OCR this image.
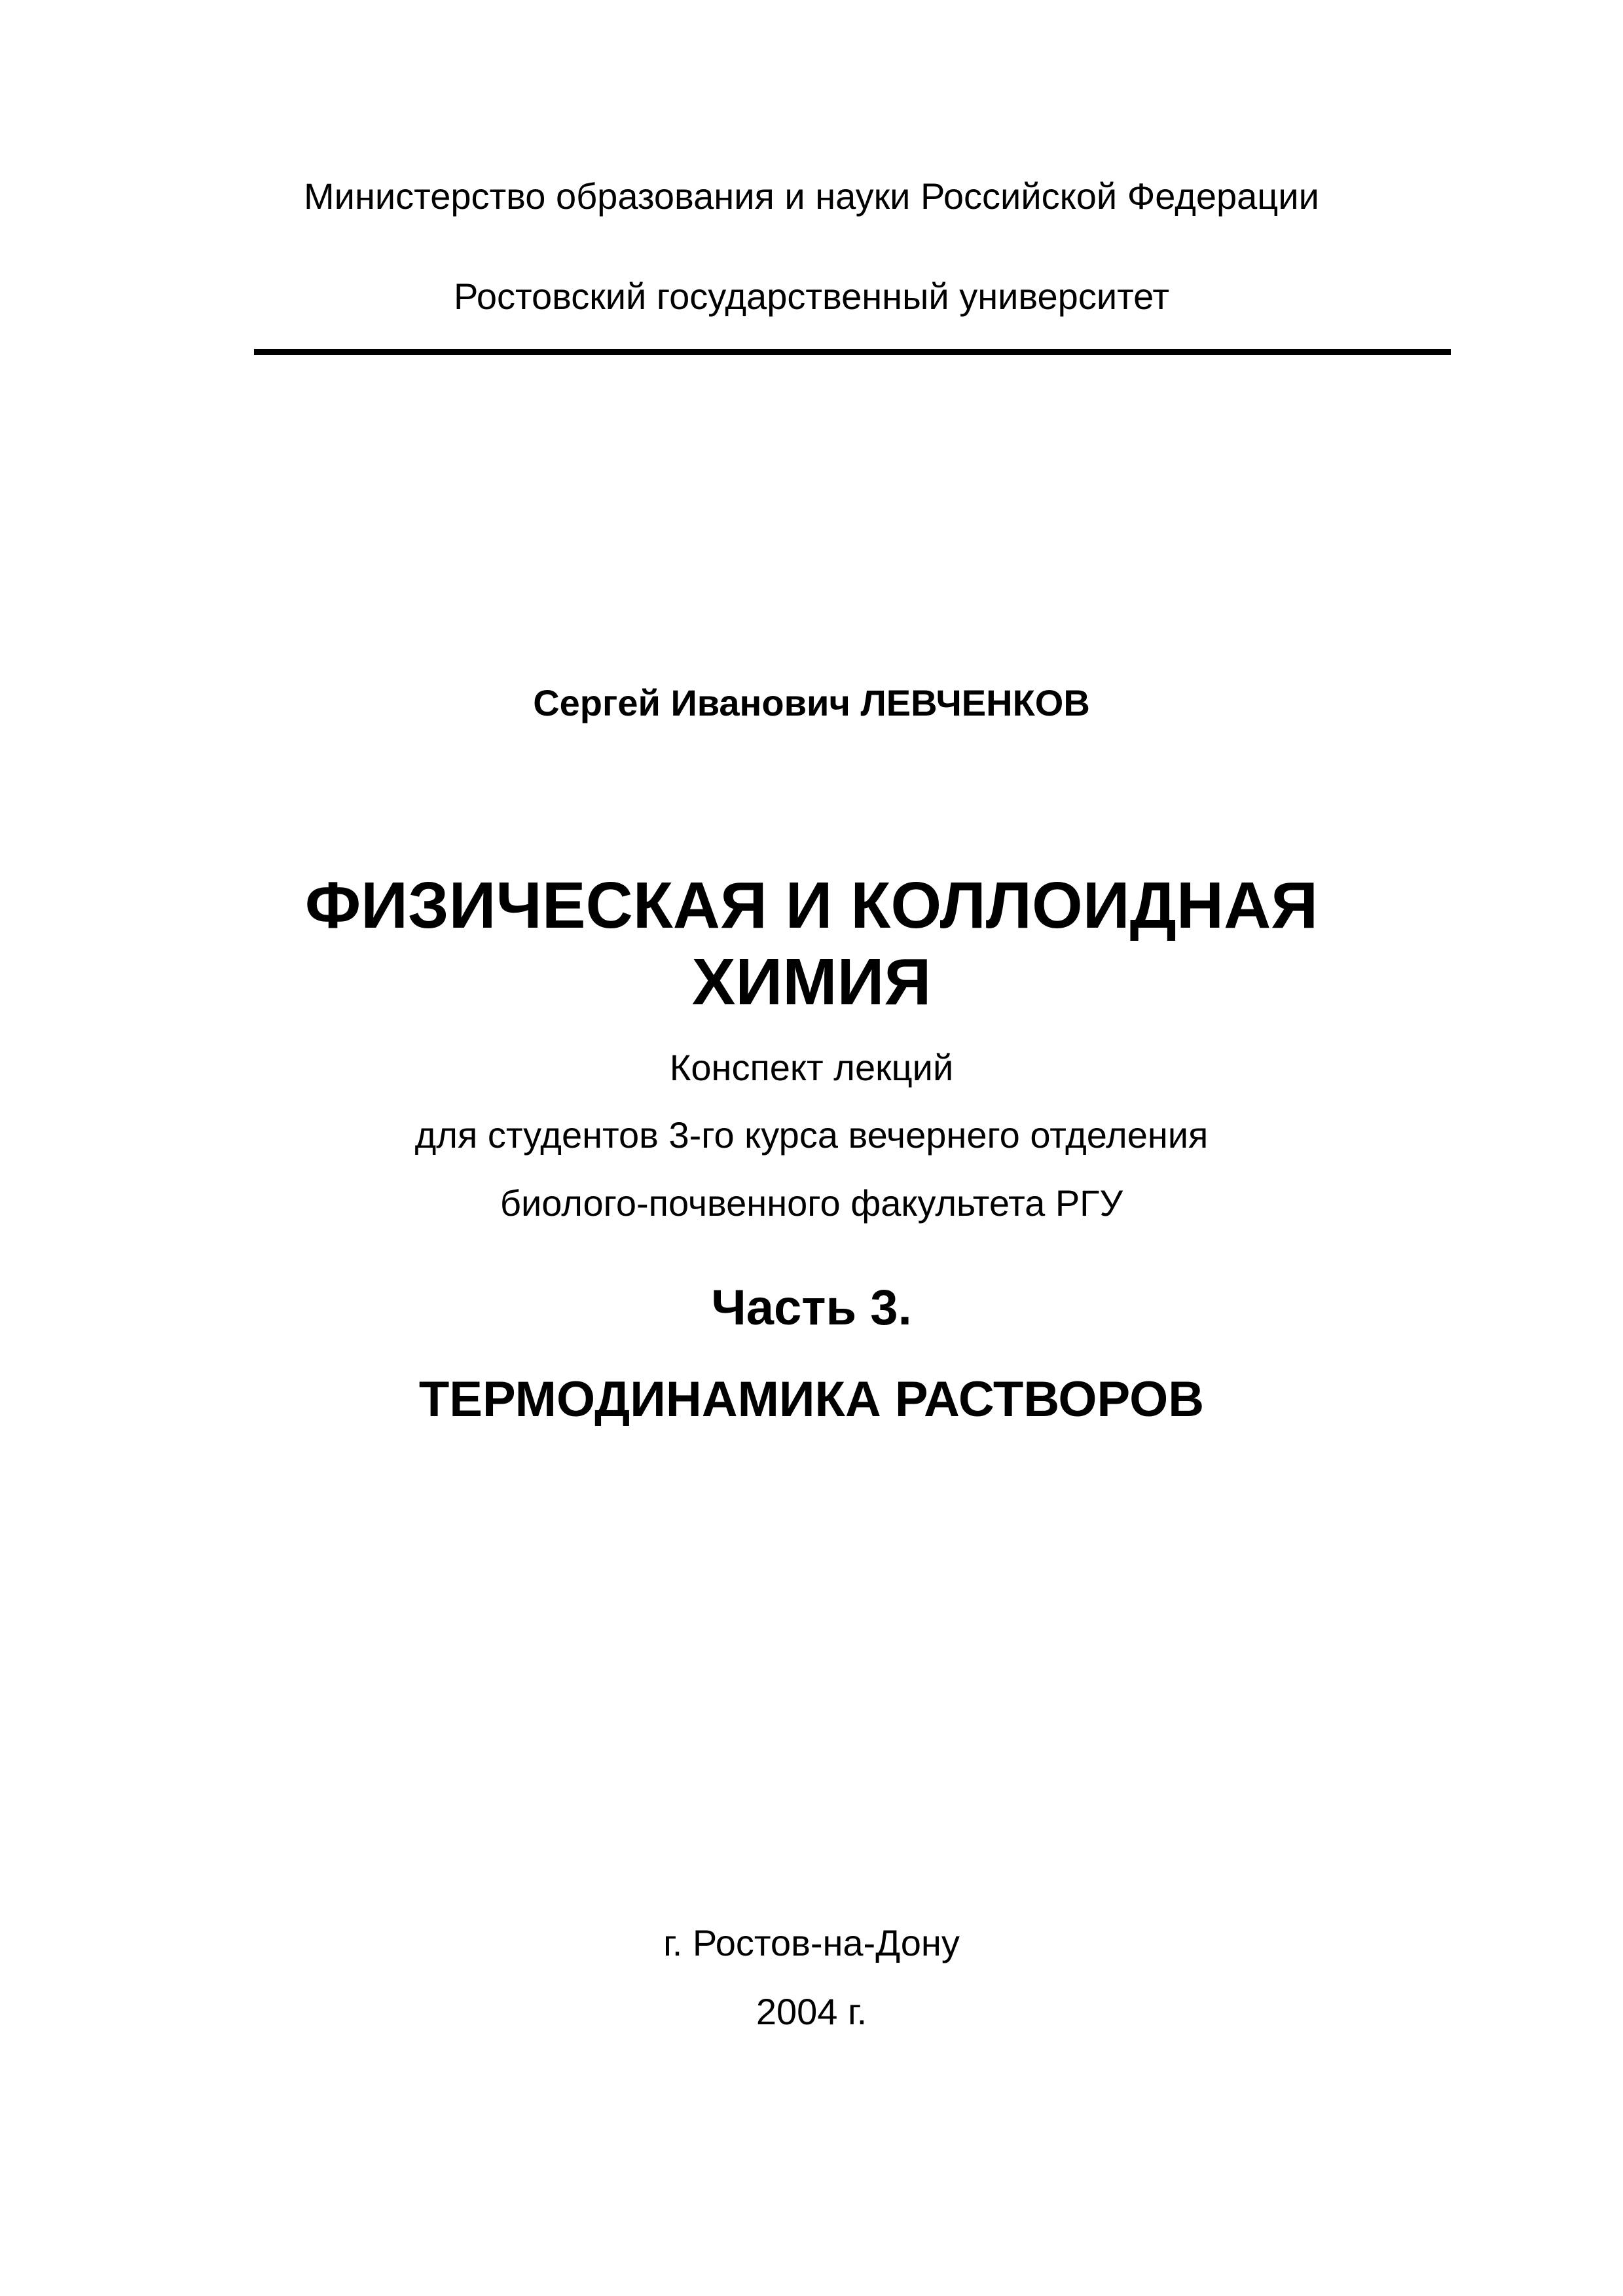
Министерство образования и науки Российской Федерации
Ростовский государственный университет
Сергей Иванович ЛЕВЧЕНКОВ
ФИЗИЧЕСКАЯ И КОЛЛОИДНАЯ
ХИМИЯ
Конспект лекций
для студентов 3-го курса вечернего отделения
биолого-почвенного факультета РГУ
Часть 3.
ТЕРМОДИНАМИКА РАСТВОРОВ
г. Ростов-на-Дону
2004 г.
